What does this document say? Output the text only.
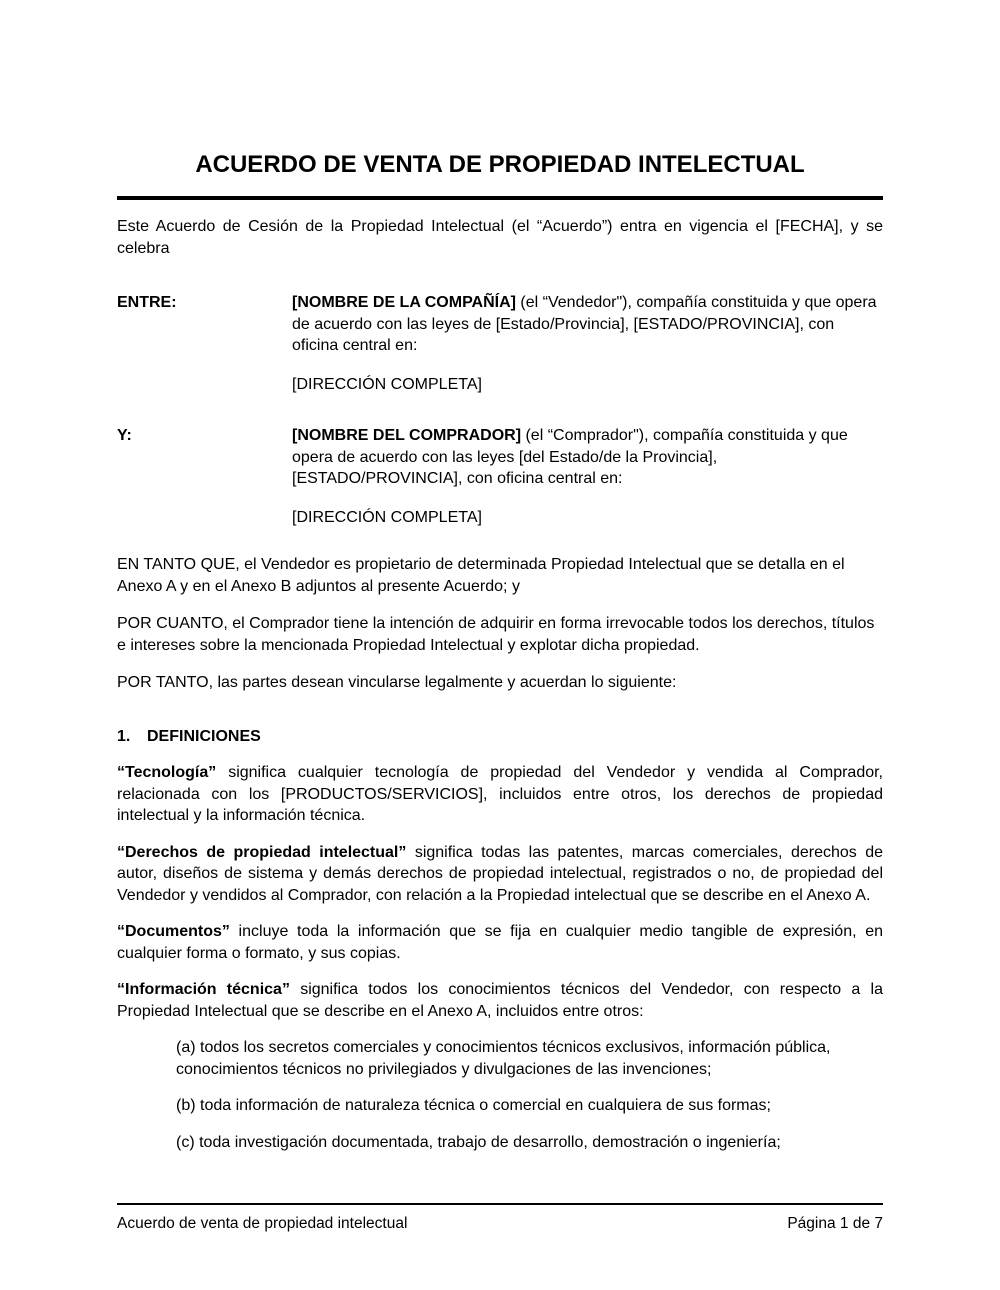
ACUERDO DE VENTA DE PROPIEDAD INTELECTUAL

Este Acuerdo de Cesión de la Propiedad Intelectual (el “Acuerdo”) entra en vigencia el [FECHA], y se celebra

ENTRE:	[NOMBRE DE LA COMPAÑÍA] (el “Vendedor"), compañía constituida y que opera de acuerdo con las leyes de [Estado/Provincia], [ESTADO/PROVINCIA], con oficina central en:

[DIRECCIÓN COMPLETA]

Y:	[NOMBRE DEL COMPRADOR] (el “Comprador"), compañía constituida y que opera de acuerdo con las leyes [del Estado/de la Provincia], [ESTADO/PROVINCIA], con oficina central en:

[DIRECCIÓN COMPLETA]

EN TANTO QUE, el Vendedor es propietario de determinada Propiedad Intelectual que se detalla en el Anexo A y en el Anexo B adjuntos al presente Acuerdo; y

POR CUANTO, el Comprador tiene la intención de adquirir en forma irrevocable todos los derechos, títulos e intereses sobre la mencionada Propiedad Intelectual y explotar dicha propiedad.

POR TANTO, las partes desean vincularse legalmente y acuerdan lo siguiente:

1. DEFINICIONES

“Tecnología” significa cualquier tecnología de propiedad del Vendedor y vendida al Comprador, relacionada con los [PRODUCTOS/SERVICIOS], incluidos entre otros, los derechos de propiedad intelectual y la información técnica.

“Derechos de propiedad intelectual” significa todas las patentes, marcas comerciales, derechos de autor, diseños de sistema y demás derechos de propiedad intelectual, registrados o no, de propiedad del Vendedor y vendidos al Comprador, con relación a la Propiedad intelectual que se describe en el Anexo A.

“Documentos” incluye toda la información que se fija en cualquier medio tangible de expresión, en cualquier forma o formato, y sus copias.

“Información técnica” significa todos los conocimientos técnicos del Vendedor, con respecto a la Propiedad Intelectual que se describe en el Anexo A, incluidos entre otros:

(a) todos los secretos comerciales y conocimientos técnicos exclusivos, información pública, conocimientos técnicos no privilegiados y divulgaciones de las invenciones;

(b) toda información de naturaleza técnica o comercial en cualquiera de sus formas;

(c) toda investigación documentada, trabajo de desarrollo, demostración o ingeniería;

Acuerdo de venta de propiedad intelectual	Página 1 de 7
